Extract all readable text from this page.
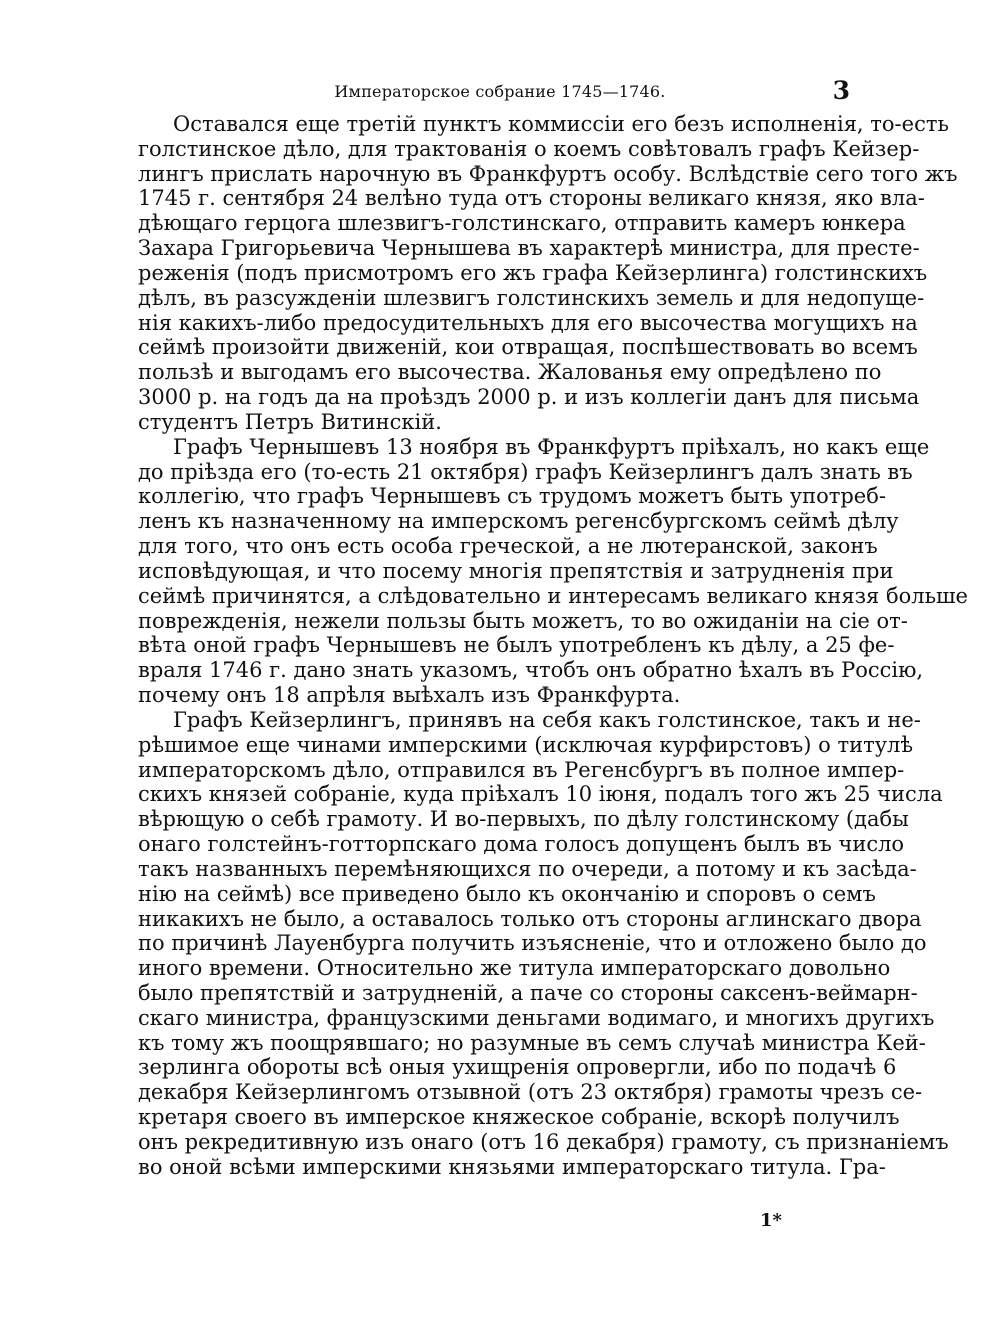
Императорское собрание 1745—1746.	3
Оставался еще третій пунктъ коммиссіи его безъ исполненія, то-есть
голстинское дѣло, для трактованія о коемъ совѣтовалъ графъ Кейзер-
лингъ прислать нарочную въ Франкфуртъ особу. Вслѣдствіе сего того жъ
1745 г. сентября 24 велѣно туда отъ стороны великаго князя, яко вла-
дѣющаго герцога шлезвигъ-голстинскаго, отправить камеръ юнкера
Захара Григорьевича Чернышева въ характерѣ министра, для престе-
реженія (подъ присмотромъ его жъ графа Кейзерлинга) голстинскихъ
дѣлъ, въ разсужденіи шлезвигъ голстинскихъ земель и для недопуще-
нія какихъ-либо предосудительныхъ для его высочества могущихъ на
сеймѣ произойти движеній, кои отвращая, поспѣшествовать во всемъ
пользѣ и выгодамъ его высочества. Жалованья ему опредѣлено по
3000 р. на годъ да на проѣздъ 2000 р. и изъ коллегіи данъ для письма
студентъ Петръ Витинскій.
Графъ Чернышевъ 13 ноября въ Франкфуртъ пріѣхалъ, но какъ еще
до пріѣзда его (то-есть 21 октября) графъ Кейзерлингъ далъ знать въ
коллегію, что графъ Чернышевъ съ трудомъ можетъ быть употреб-
ленъ къ назначенному на имперскомъ регенсбургскомъ сеймѣ дѣлу
для того, что онъ есть особа греческой, а не лютеранской, законъ
исповѣдующая, и что посему многія препятствія и затрудненія при
сеймѣ причинятся, а слѣдовательно и интересамъ великаго князя больше
поврежденія, нежели пользы быть можетъ, то во ожиданіи на сіе от-
вѣта оной графъ Чернышевъ не былъ употребленъ къ дѣлу, а 25 фе-
враля 1746 г. дано знать указомъ, чтобъ онъ обратно ѣхалъ въ Россію,
почему онъ 18 апрѣля выѣхалъ изъ Франкфурта.
Графъ Кейзерлингъ, принявъ на себя какъ голстинское, такъ и не-
рѣшимое еще чинами имперскими (исключая курфирстовъ) о титулѣ
императорскомъ дѣло, отправился въ Регенсбургъ въ полное импер-
скихъ князей собраніе, куда пріѣхалъ 10 іюня, подалъ того жъ 25 числа
вѣрющую о себѣ грамоту. И во-первыхъ, по дѣлу голстинскому (дабы
онаго голстейнъ-готторпскаго дома голосъ допущенъ былъ въ число
такъ названныхъ перемѣняющихся по очереди, а потому и къ засѣда-
нію на сеймѣ) все приведено было къ окончанію и споровъ о семъ
никакихъ не было, а оставалось только отъ стороны аглинскаго двора
по причинѣ Лауенбурга получить изъясненіе, что и отложено было до
иного времени. Относительно же титула императорскаго довольно
было препятствій и затрудненій, а паче со стороны саксенъ-веймарн-
скаго министра, французскими деньгами водимаго, и многихъ другихъ
къ тому жъ поощрявшаго; но разумные въ семъ случаѣ министра Кей-
зерлинга обороты всѣ оныя ухищренія опровергли, ибо по подачѣ 6
декабря Кейзерлингомъ отзывной (отъ 23 октября) грамоты чрезъ се-
кретаря своего въ имперское княжеское собраніе, вскорѣ получилъ
онъ рекредитивную изъ онаго (отъ 16 декабря) грамоту, съ признаніемъ
во оной всѣми имперскими князьями императорскаго титула. Гра-
1*
